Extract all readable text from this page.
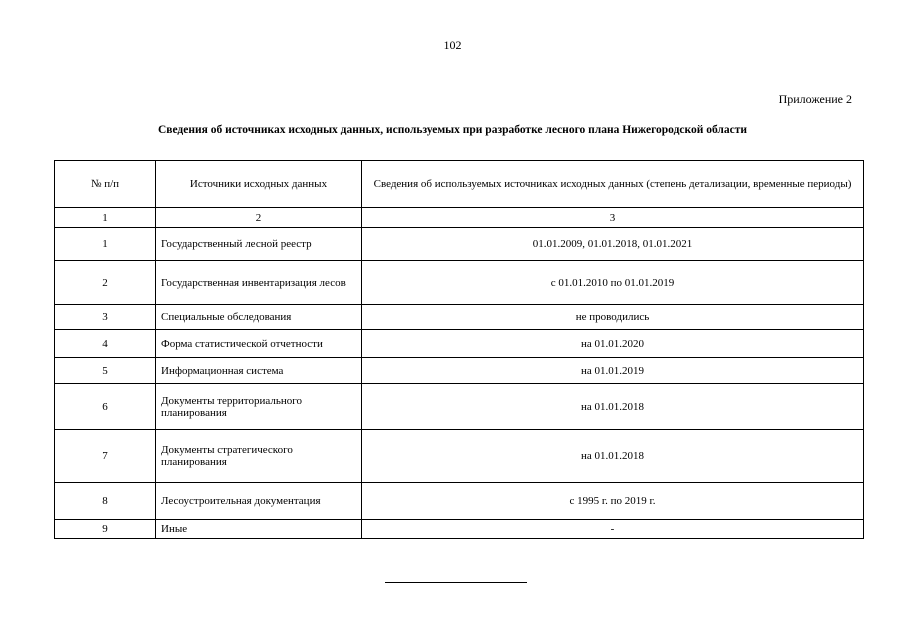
102
Приложение 2
Сведения об источниках исходных данных, используемых при разработке лесного плана Нижегородской области
№ п/п	Источники исходных данных	Сведения об используемых источниках исходных данных (степень детализации, временные периоды)
1	2	3
1	Государственный лесной реестр	01.01.2009, 01.01.2018, 01.01.2021
2	Государственная инвентаризация лесов	с 01.01.2010 по 01.01.2019
3	Специальные обследования	не проводились
4	Форма статистической отчетности	на 01.01.2020
5	Информационная система	на 01.01.2019
6	Документы территориального планирования	на 01.01.2018
7	Документы стратегического планирования	на 01.01.2018
8	Лесоустроительная документация	с 1995 г. по 2019 г.
9	Иные	-
